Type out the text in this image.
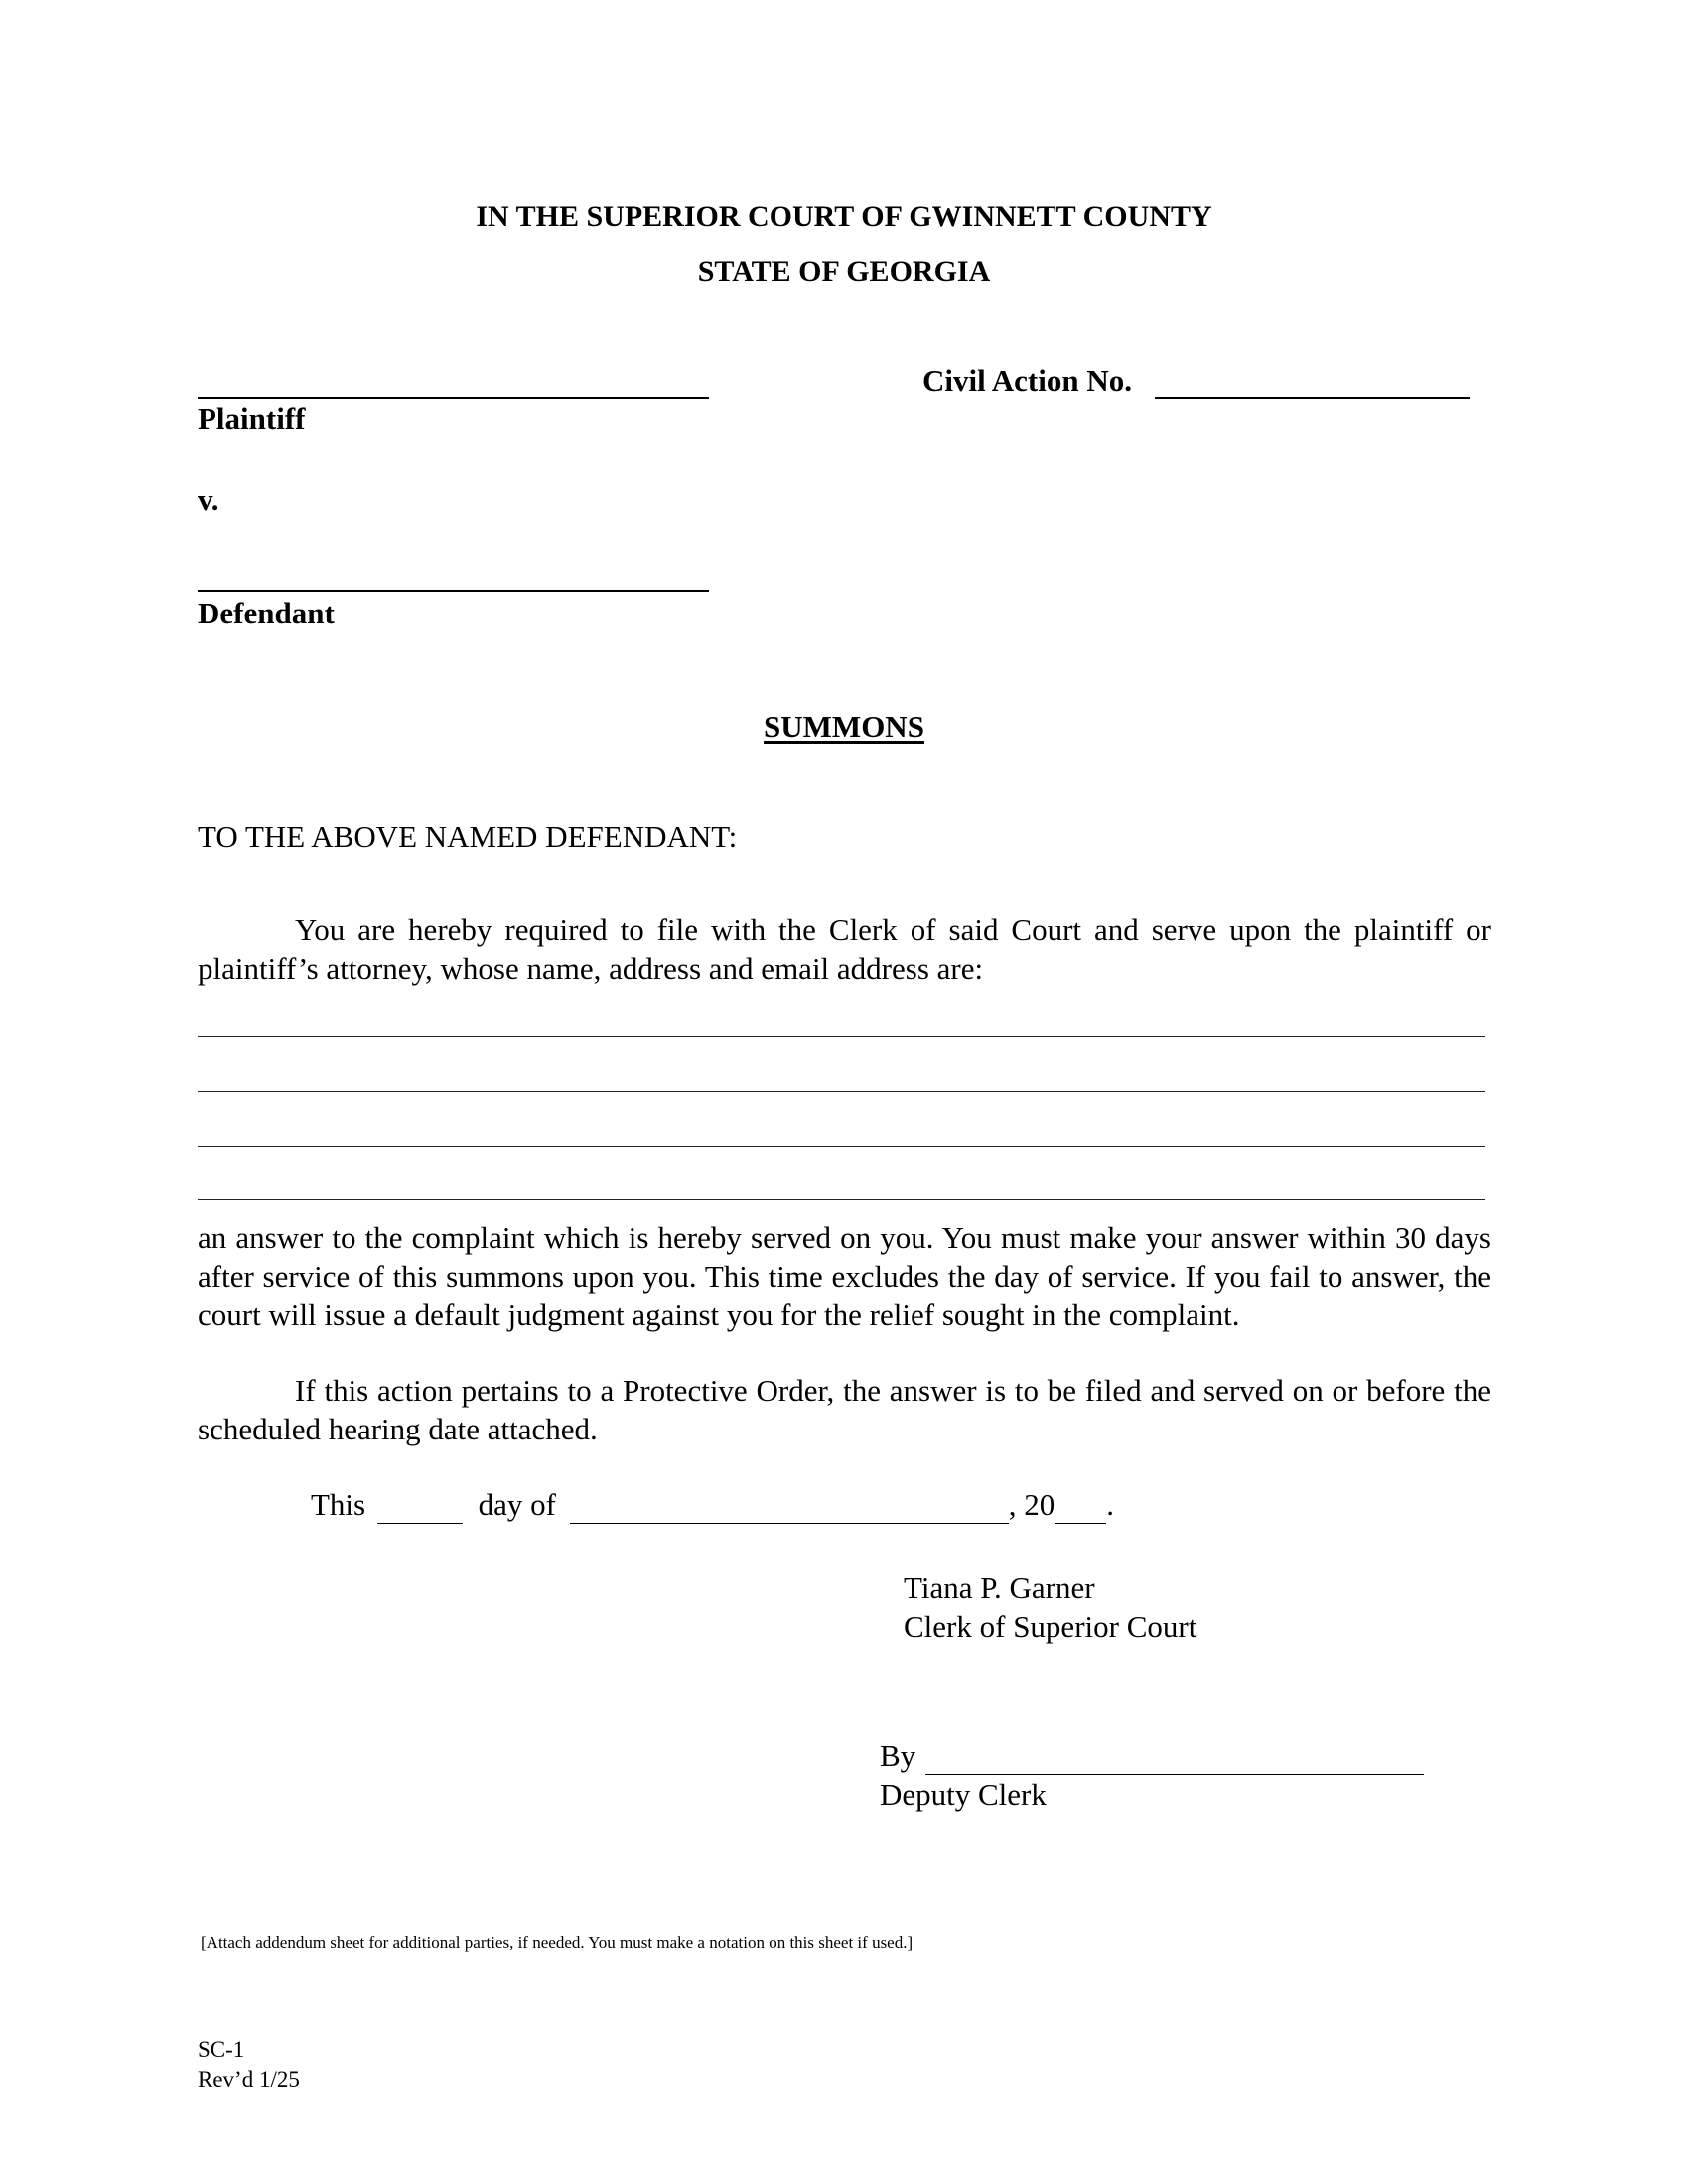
IN THE SUPERIOR COURT OF GWINNETT COUNTY
STATE OF GEORGIA
Plaintiff
Civil Action No.
v.
Defendant
SUMMONS
TO THE ABOVE NAMED DEFENDANT:
You are hereby required to file with the Clerk of said Court and serve upon the plaintiff or plaintiff’s attorney, whose name, address and email address are:
an answer to the complaint which is hereby served on you. You must make your answer within 30 days after service of this summons upon you. This time excludes the day of service. If you fail to answer, the court will issue a default judgment against you for the relief sought in the complaint.
If this action pertains to a Protective Order, the answer is to be filed and served on or before the scheduled hearing date attached.
This	day of	, 20 .
Tiana P. Garner
Clerk of Superior Court
By
Deputy Clerk
[Attach addendum sheet for additional parties, if needed. You must make a notation on this sheet if used.]
SC-1
Rev’d 1/25
